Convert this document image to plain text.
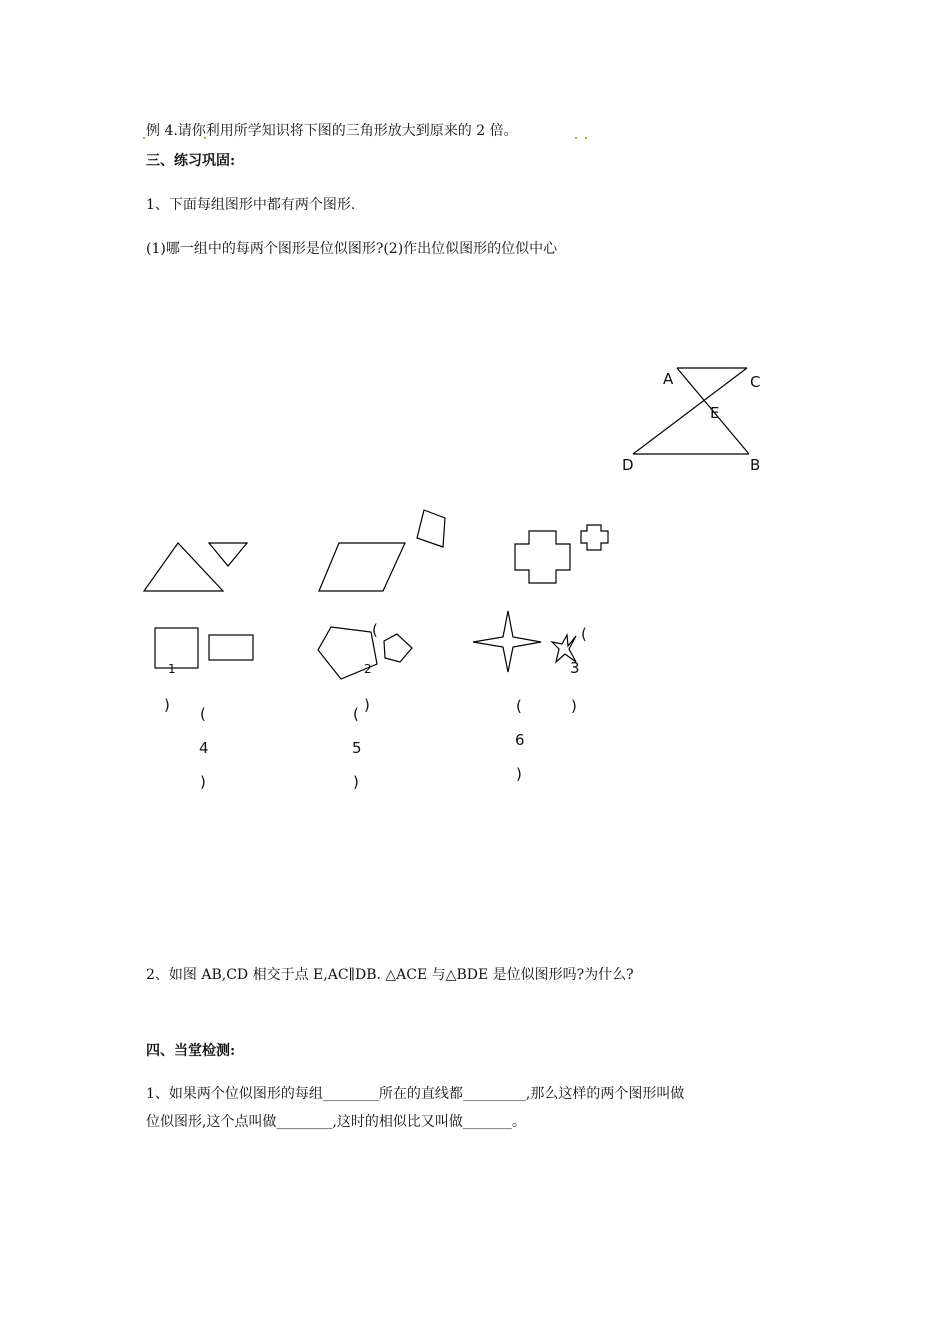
例 4.请你利用所学知识将下图的三角形放大到原来的 2 倍。
三、练习巩固:
1、下面每组图形中都有两个图形.
(1)哪一组中的每两个图形是位似图形?(2)作出位似图形的位似中心
A	C
E
D	B
1
)
(
2
)
(
3
)
(
4
)
(
5
)
(
6
)
2、如图 AB,CD 相交于点 E,AC∥DB. △ACE 与△BDE 是位似图形吗?为什么?
四、当堂检测:
1、如果两个位似图形的每组________所在的直线都_________,那么这样的两个图形叫做
位似图形,这个点叫做________,这时的相似比又叫做_______。
